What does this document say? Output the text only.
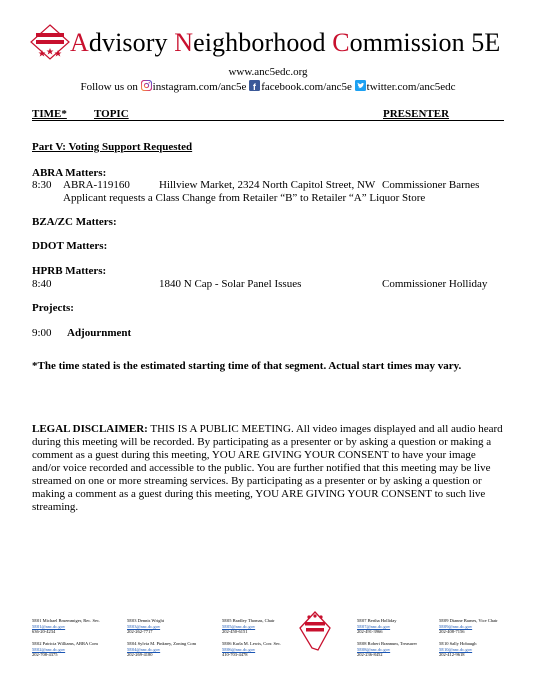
Advisory Neighborhood Commission 5E
www.anc5edc.org
Follow us on instagram.com/anc5e f facebook.com/anc5e twitter.com/anc5edc
TIME* TOPIC	PRESENTER
Part V: Voting Support Requested
ABRA Matters:
8:30 ABRA-119160	Hillview Market, 2324 North Capitol Street, NW Commissioner Barnes
Applicant requests a Class Change from Retailer “B” to Retailer “A” Liquor Store
BZA/ZC Matters:
DDOT Matters:
HPRB Matters:
8:40	1840 N Cap - Solar Panel Issues	Commissioner Holliday
Projects:
9:00 Adjournment
*The time stated is the estimated starting time of that segment. Actual start times may vary.
LEGAL DISCLAIMER: THIS IS A PUBLIC MEETING. All video images displayed and all audio heard during this meeting will be recorded. By participating as a presenter or by asking a question or making a comment as a guest during this meeting, YOU ARE GIVING YOUR CONSENT to have your image and/or voice recorded and accessible to the public. You are further notified that this meeting may be live streamed on one or more streaming services. By participating as a presenter or by asking a question or making a comment as a guest during this meeting, YOU ARE GIVING YOUR CONSENT to such live streaming.
5E01 Michael Bruemmiger, Rec. Sec.
5E01@anc.dc.gov
636-20-4234
5E03 Dennis Wright
5E03@anc.dc.gov
202-262-7717
5E05 Bradley Thomas, Chair
5E05@anc.dc.gov
202-450-6151
5E07 Bertha Holliday
5E07@anc.dc.gov
202-491-3966
5E09 Dianne Barnes, Vice Chair
5E09@anc.dc.gov
202-408-7156
5E02 Patricia Williams, ABRA Com
5E02@anc.dc.gov
202-708-4375
5E04 Sylvia M. Pinkney, Zoning Com
5E04@anc.dc.gov
202-269-4180
5E06 Karla M. Lewis, Corr. Sec.
5E06@anc.dc.gov
410-703-4478
5E08 Robert Brannum, Treasurer
5E08@anc.dc.gov
202-236-8452
5E10 Sally Hobaugh
5E10@anc.dc.gov
202-412-9618
